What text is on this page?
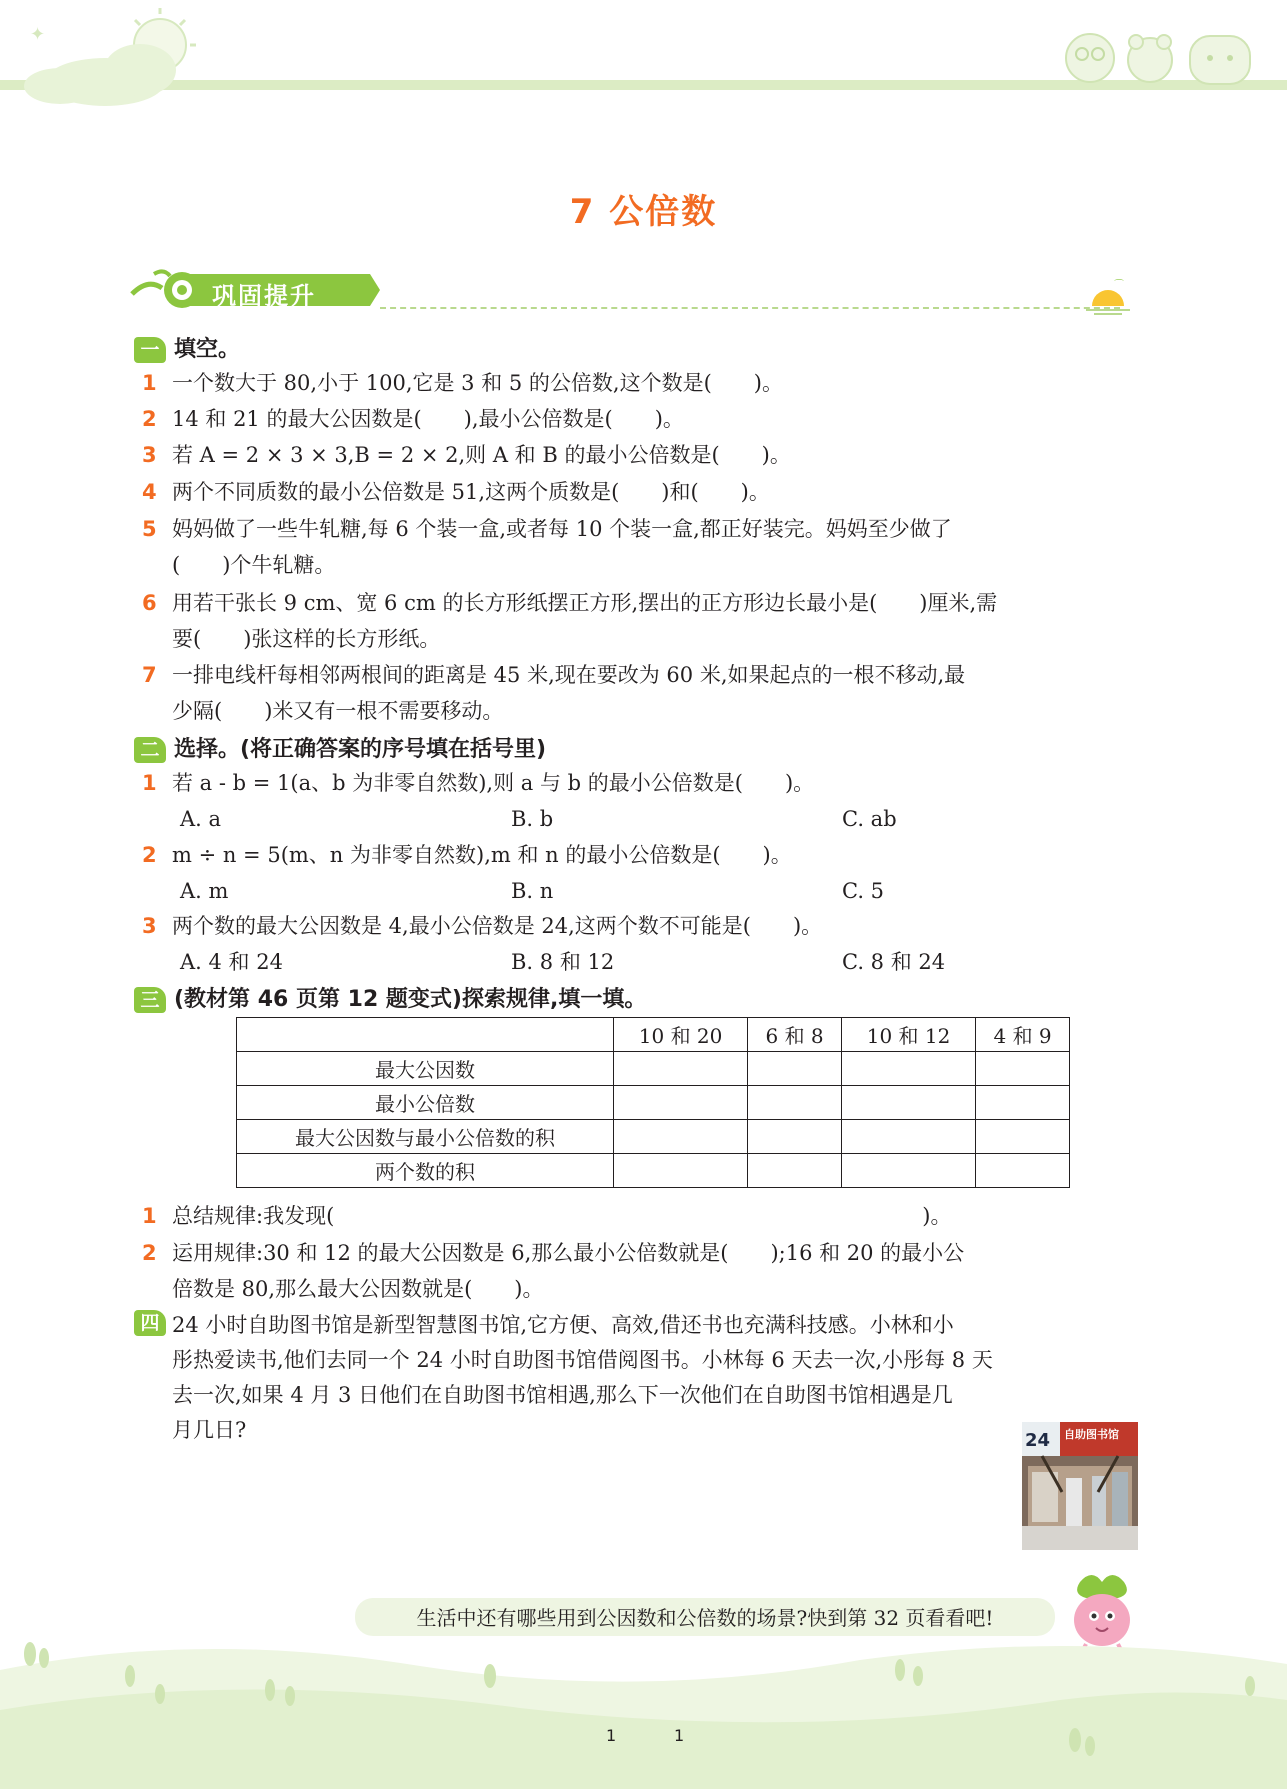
✦
7 公倍数
巩固提升	⌒
一 填空。
1 一个数大于 80,小于 100,它是 3 和 5 的公倍数,这个数是(　　)。
2 14 和 21 的最大公因数是(　　),最小公倍数是(　　)。
3 若 A = 2 × 3 × 3,B = 2 × 2,则 A 和 B 的最小公倍数是(　　)。
4 两个不同质数的最小公倍数是 51,这两个质数是(　　)和(　　)。
5 妈妈做了一些牛轧糖,每 6 个装一盒,或者每 10 个装一盒,都正好装完。妈妈至少做了
(　　)个牛轧糖。
6 用若干张长 9 cm、宽 6 cm 的长方形纸摆正方形,摆出的正方形边长最小是(　　)厘米,需
要(　　)张这样的长方形纸。
7 一排电线杆每相邻两根间的距离是 45 米,现在要改为 60 米,如果起点的一根不移动,最
少隔(　　)米又有一根不需要移动。
二 选择。(将正确答案的序号填在括号里)
1 若 a - b = 1(a、b 为非零自然数),则 a 与 b 的最小公倍数是(　　)。
A. a	B. b	C. ab
2 m ÷ n = 5(m、n 为非零自然数),m 和 n 的最小公倍数是(　　)。
A. m	B. n	C. 5
3 两个数的最大公因数是 4,最小公倍数是 24,这两个数不可能是(　　)。
A. 4 和 24	B. 8 和 12	C. 8 和 24
三 (教材第 46 页第 12 题变式)探索规律,填一填。
	10 和 20	6 和 8	10 和 12	4 和 9
最大公因数				
最小公倍数				
最大公因数与最小公倍数的积				
两个数的积				
1 总结规律:我发现(　　　　　　　　　　　　　　　　　　　　　　　　　　　　)。
2 运用规律:30 和 12 的最大公因数是 6,那么最小公倍数就是(　　);16 和 20 的最小公
倍数是 80,那么最大公因数就是(　　)。
四 24 小时自助图书馆是新型智慧图书馆,它方便、高效,借还书也充满科技感。小林和小
彤热爱读书,他们去同一个 24 小时自助图书馆借阅图书。小林每 6 天去一次,小彤每 8 天
去一次,如果 4 月 3 日他们在自助图书馆相遇,那么下一次他们在自助图书馆相遇是几
月几日?	24 自助图书馆
生活中还有哪些用到公因数和公倍数的场景?快到第 32 页看看吧!
1	1
